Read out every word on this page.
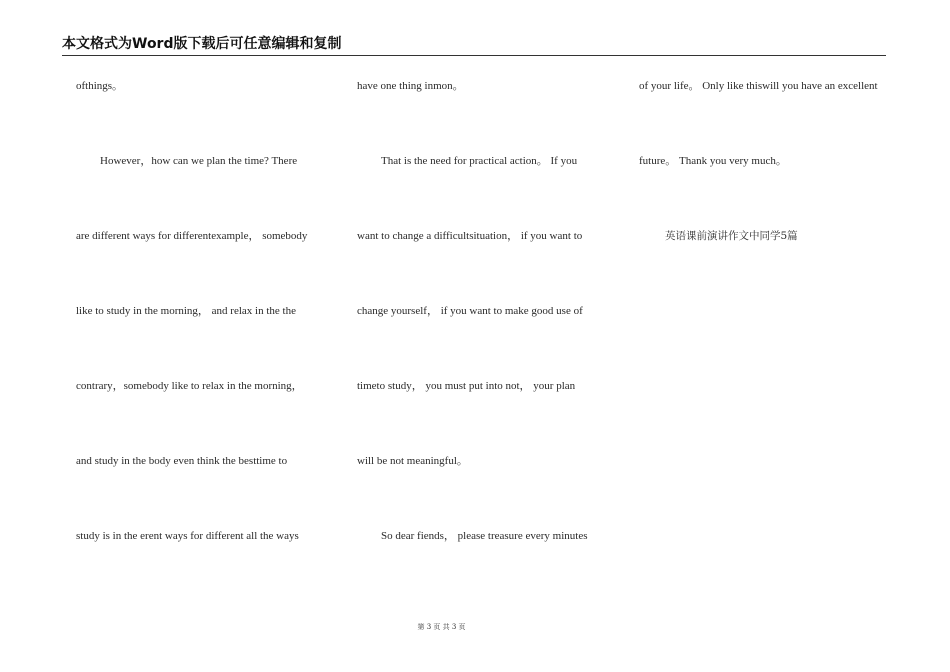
本文格式为Word版下载后可任意编辑和复制
ofthings。
However，how can we plan the time? There
are different ways for differentexample， somebody
like to study in the morning， and relax in the the
contrary，somebody like to relax in the morning，
and study in the body even think the besttime to
study is in the erent ways for different all the ways
have one thing inmon。
That is the need for practical action。 If you
want to change a difficultsituation， if you want to
change yourself， if you want to make good use of
timeto study， you must put into not， your plan
will be not meaningful。
So dear fiends， please treasure every minutes
of your life。 Only like thiswill you have an excellent
future。 Thank you very much。
英语课前演讲作文中同学5篇
第 3 页 共 3 页
